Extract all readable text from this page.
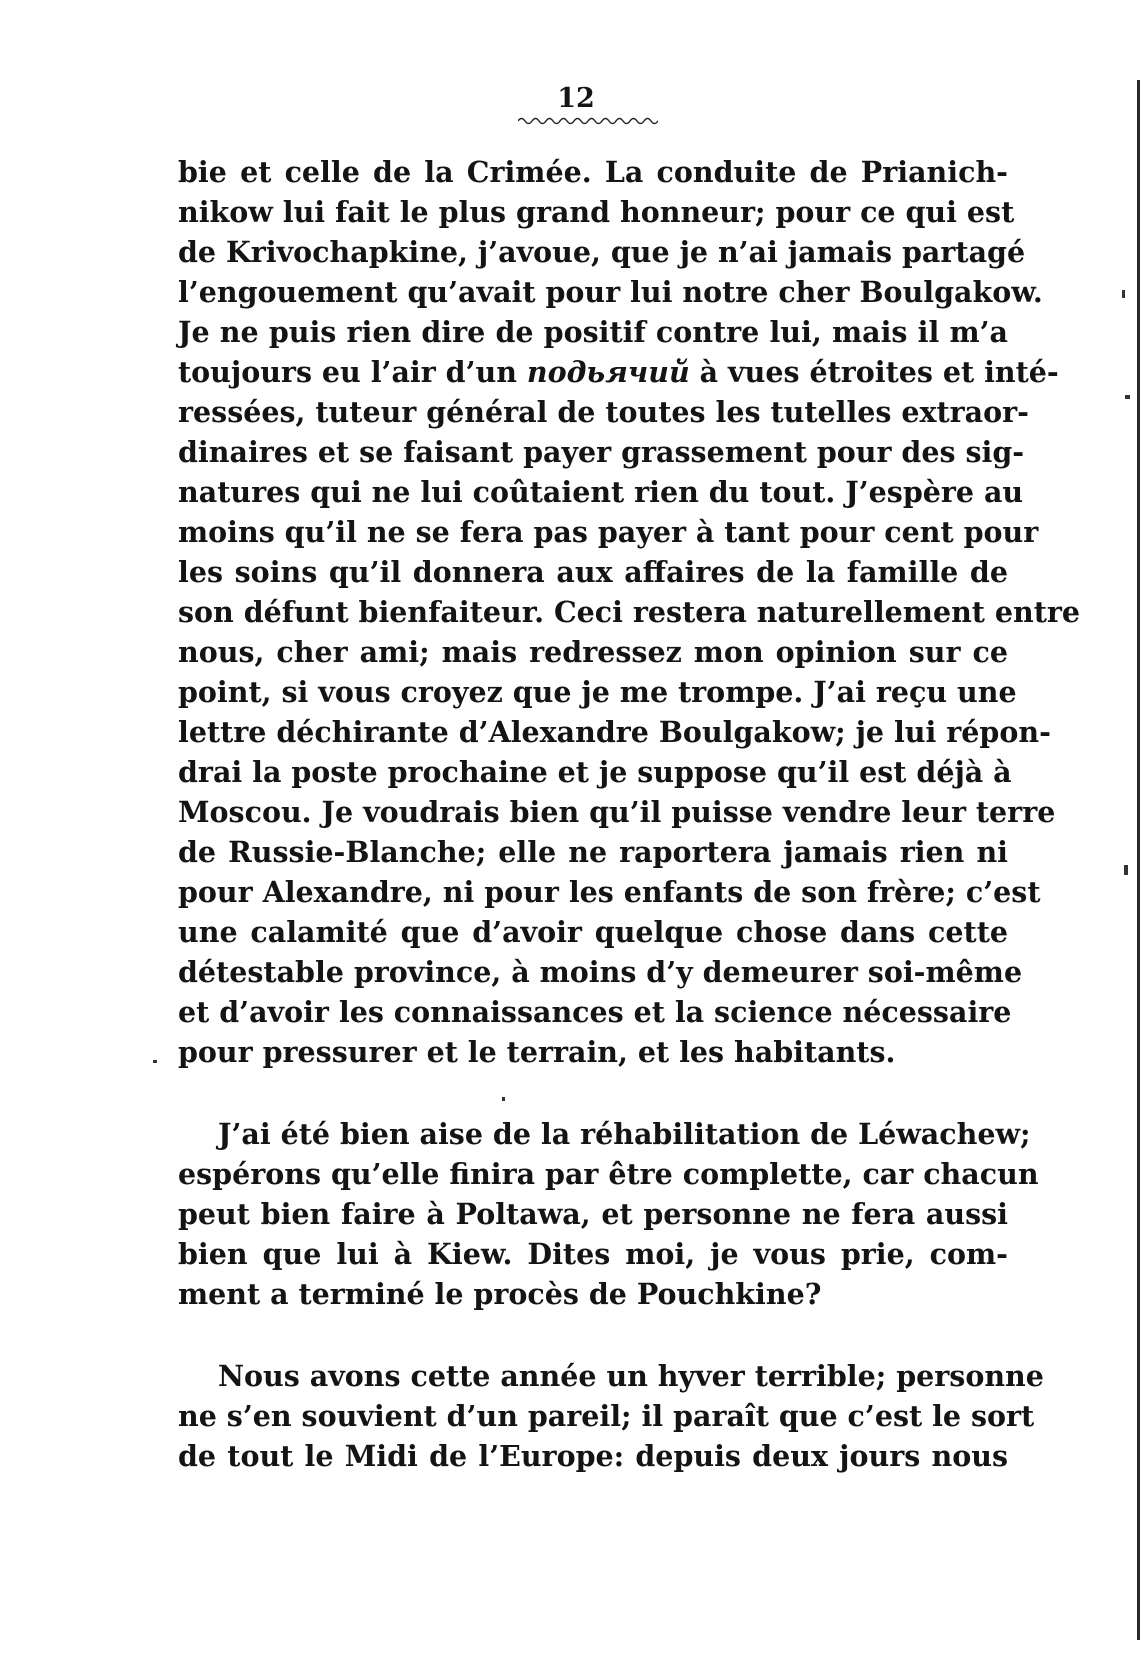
12
bie et celle de la Crimée. La conduite de Prianich-
nikow lui fait le plus grand honneur; pour ce qui est
de Krivochapkine, j’avoue, que je n’ai jamais partagé
l’engouement qu’avait pour lui notre cher Boulgakow.
Je ne puis rien dire de positif contre lui, mais il m’a
toujours eu l’air d’un подьячий à vues étroites et inté-
ressées, tuteur général de toutes les tutelles extraor-
dinaires et se faisant payer grassement pour des sig-
natures qui ne lui coûtaient rien du tout. J’espère au
moins qu’il ne se fera pas payer à tant pour cent pour
les soins qu’il donnera aux affaires de la famille de
son défunt bienfaiteur. Ceci restera naturellement entre
nous, cher ami; mais redressez mon opinion sur ce
point, si vous croyez que je me trompe. J’ai reçu une
lettre déchirante d’Alexandre Boulgakow; je lui répon-
drai la poste prochaine et je suppose qu’il est déjà à
Moscou. Je voudrais bien qu’il puisse vendre leur terre
de Russie-Blanche; elle ne raportera jamais rien ni
pour Alexandre, ni pour les enfants de son frère; c’est
une calamité que d’avoir quelque chose dans cette
détestable province, à moins d’y demeurer soi-même
et d’avoir les connaissances et la science nécessaire
pour pressurer et le terrain, et les habitants.
J’ai été bien aise de la réhabilitation de Léwachew;
espérons qu’elle finira par être complette, car chacun
peut bien faire à Poltawa, et personne ne fera aussi
bien que lui à Kiew. Dites moi, je vous prie, com-
ment a terminé le procès de Pouchkine?
Nous avons cette année un hyver terrible; personne
ne s’en souvient d’un pareil; il paraît que c’est le sort
de tout le Midi de l’Europe: depuis deux jours nous
